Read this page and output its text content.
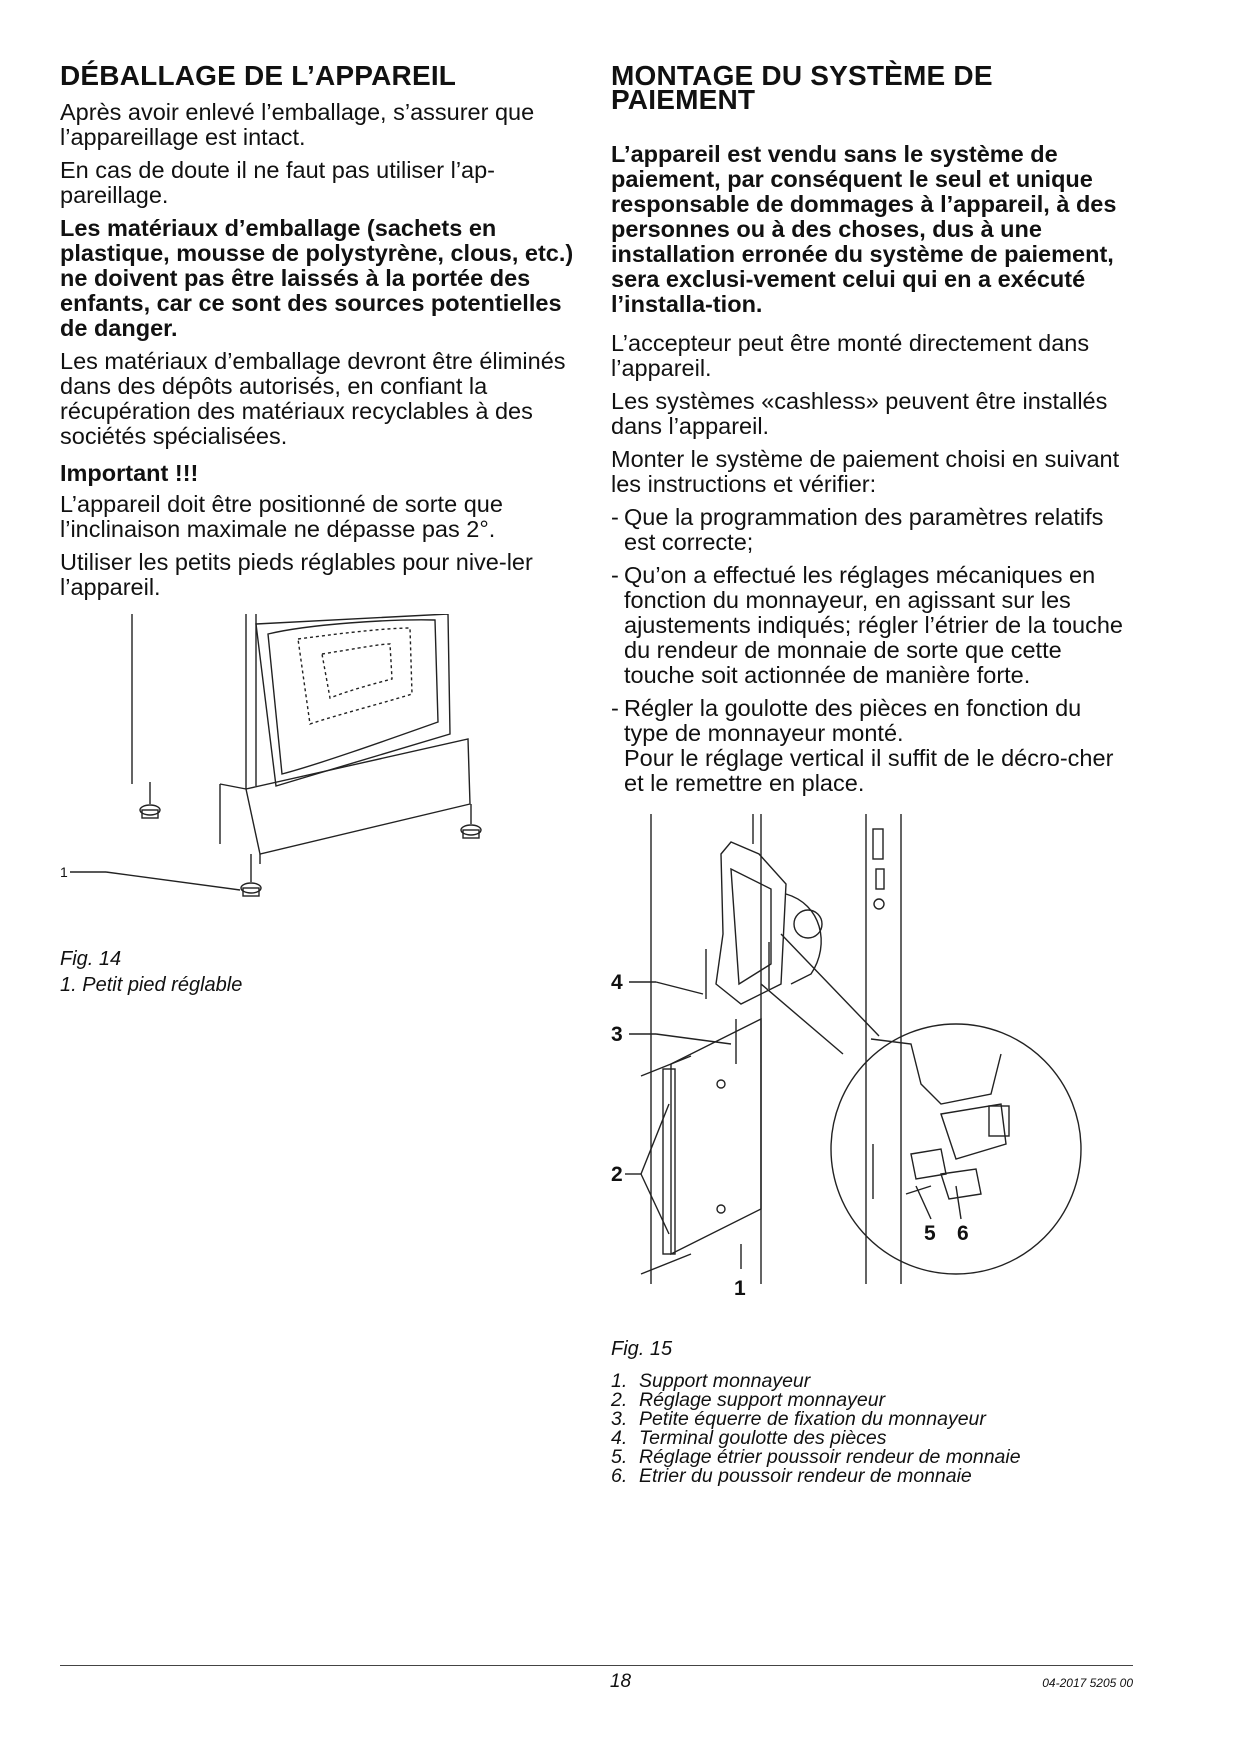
DÉBALLAGE DE L’APPAREIL

Après avoir enlevé l’emballage, s’assurer que l’appareillage est intact.

En cas de doute il ne faut pas utiliser l’ap-pareillage.

Les matériaux d’emballage (sachets en plastique, mousse de polystyrène, clous, etc.) ne doivent pas être laissés à la portée des enfants, car ce sont des sources potentielles de danger.

Les matériaux d’emballage devront être éliminés dans des dépôts autorisés, en confiant la récupération des matériaux recyclables à des sociétés spécialisées.

Important !!!

L’appareil doit être positionné de sorte que l’inclinaison maximale ne dépasse pas 2°.

Utiliser les petits pieds réglables pour nive-ler l’appareil.

1

Fig. 14

1. Petit pied réglable

MONTAGE DU SYSTÈME DE PAIEMENT

L’appareil est vendu sans le système de paiement, par conséquent le seul et unique responsable de dommages à l’appareil, à des personnes ou à des choses, dus à une installation erronée du système de paiement, sera exclusi-vement celui qui en a exécuté l’installa-tion.

L’accepteur peut être monté directement dans l’appareil.

Les systèmes «cashless» peuvent être installés dans l’appareil.

Monter le système de paiement choisi en suivant les instructions et vérifier:

- Que la programmation des paramètres relatifs est correcte;
- Qu’on a effectué les réglages mécaniques en fonction du monnayeur, en agissant sur les ajustements indiqués; régler l’étrier de la touche du rendeur de monnaie de sorte que cette touche soit actionnée de manière forte.
- Régler la goulotte des pièces en fonction du type de monnayeur monté.
Pour le réglage vertical il suffit de le décro-cher et le remettre en place.
4
3
2
1
5 6

Fig. 15

1. Support monnayeur
2. Réglage support monnayeur
3. Petite équerre de fixation du monnayeur
4. Terminal goulotte des pièces
5. Réglage étrier poussoir rendeur de monnaie
6. Etrier du poussoir rendeur de monnaie
18	04-2017 5205 00
